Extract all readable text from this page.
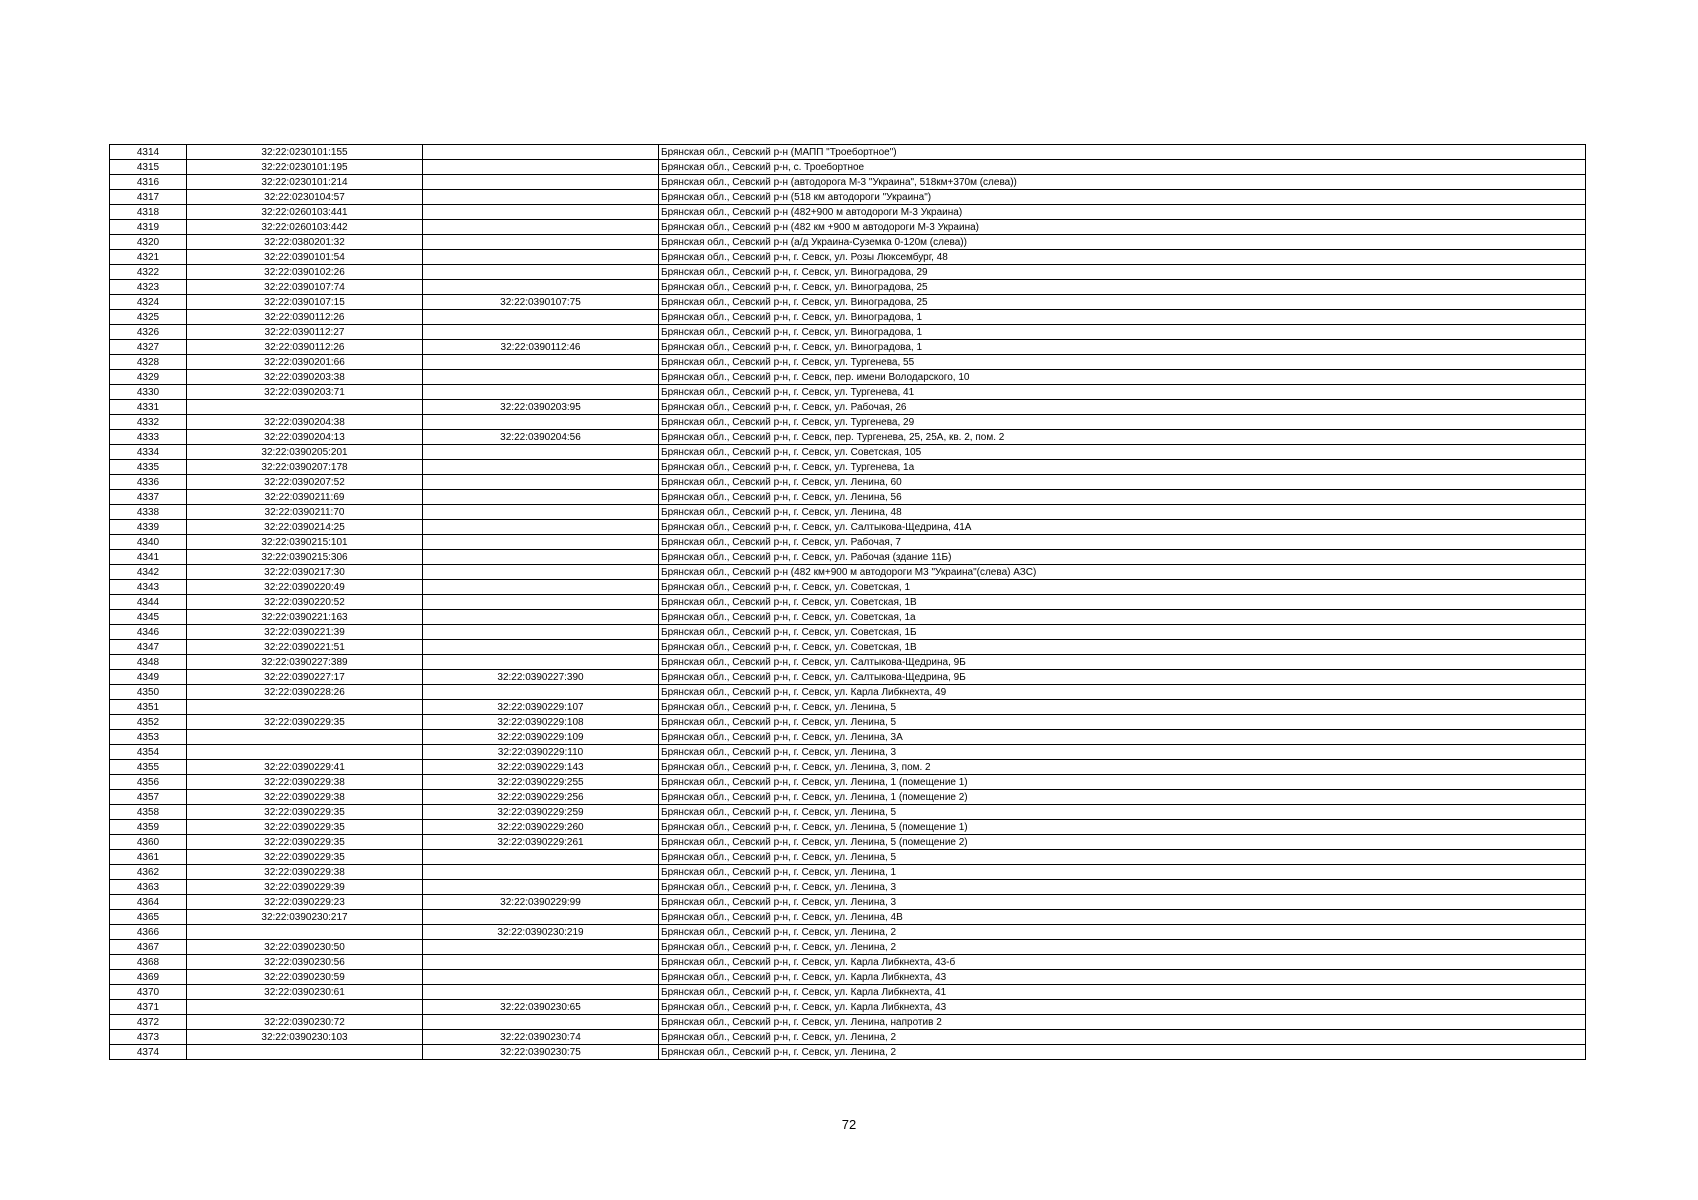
4314	32:22:0230101:155		Брянская обл., Севский р-н (МАПП "Троебортное")
4315	32:22:0230101:195		Брянская обл., Севский р-н, с. Троебортное
4316	32:22:0230101:214		Брянская обл., Севский р-н (автодорога М-3 "Украина", 518км+370м (слева))
4317	32:22:0230104:57		Брянская обл., Севский р-н (518 км автодороги "Украина")
4318	32:22:0260103:441		Брянская обл., Севский р-н (482+900 м автодороги М-3 Украина)
4319	32:22:0260103:442		Брянская обл., Севский р-н (482 км +900 м автодороги М-3 Украина)
4320	32:22:0380201:32		Брянская обл., Севский р-н (а/д Украина-Суземка 0-120м (слева))
4321	32:22:0390101:54		Брянская обл., Севский р-н, г. Севск, ул. Розы Люксембург, 48
4322	32:22:0390102:26		Брянская обл., Севский р-н, г. Севск, ул. Виноградова, 29
4323	32:22:0390107:74		Брянская обл., Севский р-н, г. Севск, ул. Виноградова, 25
4324	32:22:0390107:15	32:22:0390107:75	Брянская обл., Севский р-н, г. Севск, ул. Виноградова, 25
4325	32:22:0390112:26		Брянская обл., Севский р-н, г. Севск, ул. Виноградова, 1
4326	32:22:0390112:27		Брянская обл., Севский р-н, г. Севск, ул. Виноградова, 1
4327	32:22:0390112:26	32:22:0390112:46	Брянская обл., Севский р-н, г. Севск, ул. Виноградова, 1
4328	32:22:0390201:66		Брянская обл., Севский р-н, г. Севск, ул. Тургенева, 55
4329	32:22:0390203:38		Брянская обл., Севский р-н, г. Севск, пер. имени Володарского, 10
4330	32:22:0390203:71		Брянская обл., Севский р-н, г. Севск, ул. Тургенева, 41
4331		32:22:0390203:95	Брянская обл., Севский р-н, г. Севск, ул. Рабочая, 26
4332	32:22:0390204:38		Брянская обл., Севский р-н, г. Севск, ул. Тургенева, 29
4333	32:22:0390204:13	32:22:0390204:56	Брянская обл., Севский р-н, г. Севск, пер. Тургенева, 25, 25А, кв. 2, пом. 2
4334	32:22:0390205:201		Брянская обл., Севский р-н, г. Севск, ул. Советская, 105
4335	32:22:0390207:178		Брянская обл., Севский р-н, г. Севск, ул. Тургенева, 1а
4336	32:22:0390207:52		Брянская обл., Севский р-н, г. Севск, ул. Ленина, 60
4337	32:22:0390211:69		Брянская обл., Севский р-н, г. Севск, ул. Ленина, 56
4338	32:22:0390211:70		Брянская обл., Севский р-н, г. Севск, ул. Ленина, 48
4339	32:22:0390214:25		Брянская обл., Севский р-н, г. Севск, ул. Салтыкова-Щедрина, 41А
4340	32:22:0390215:101		Брянская обл., Севский р-н, г. Севск, ул. Рабочая, 7
4341	32:22:0390215:306		Брянская обл., Севский р-н, г. Севск, ул. Рабочая (здание 11Б)
4342	32:22:0390217:30		Брянская обл., Севский р-н (482 км+900 м автодороги М3 "Украина"(слева) АЗС)
4343	32:22:0390220:49		Брянская обл., Севский р-н, г. Севск, ул. Советская, 1
4344	32:22:0390220:52		Брянская обл., Севский р-н, г. Севск, ул. Советская, 1В
4345	32:22:0390221:163		Брянская обл., Севский р-н, г. Севск, ул. Советская, 1а
4346	32:22:0390221:39		Брянская обл., Севский р-н, г. Севск, ул. Советская, 1Б
4347	32:22:0390221:51		Брянская обл., Севский р-н, г. Севск, ул. Советская, 1В
4348	32:22:0390227:389		Брянская обл., Севский р-н, г. Севск, ул. Салтыкова-Щедрина, 9Б
4349	32:22:0390227:17	32:22:0390227:390	Брянская обл., Севский р-н, г. Севск, ул. Салтыкова-Щедрина, 9Б
4350	32:22:0390228:26		Брянская обл., Севский р-н, г. Севск, ул. Карла Либкнехта, 49
4351		32:22:0390229:107	Брянская обл., Севский р-н, г. Севск, ул. Ленина, 5
4352	32:22:0390229:35	32:22:0390229:108	Брянская обл., Севский р-н, г. Севск, ул. Ленина, 5
4353		32:22:0390229:109	Брянская обл., Севский р-н, г. Севск, ул. Ленина, 3А
4354		32:22:0390229:110	Брянская обл., Севский р-н, г. Севск, ул. Ленина, 3
4355	32:22:0390229:41	32:22:0390229:143	Брянская обл., Севский р-н, г. Севск, ул. Ленина, 3, пом. 2
4356	32:22:0390229:38	32:22:0390229:255	Брянская обл., Севский р-н, г. Севск, ул. Ленина, 1 (помещение 1)
4357	32:22:0390229:38	32:22:0390229:256	Брянская обл., Севский р-н, г. Севск, ул. Ленина, 1 (помещение 2)
4358	32:22:0390229:35	32:22:0390229:259	Брянская обл., Севский р-н, г. Севск, ул. Ленина, 5
4359	32:22:0390229:35	32:22:0390229:260	Брянская обл., Севский р-н, г. Севск, ул. Ленина, 5 (помещение 1)
4360	32:22:0390229:35	32:22:0390229:261	Брянская обл., Севский р-н, г. Севск, ул. Ленина, 5 (помещение 2)
4361	32:22:0390229:35		Брянская обл., Севский р-н, г. Севск, ул. Ленина, 5
4362	32:22:0390229:38		Брянская обл., Севский р-н, г. Севск, ул. Ленина, 1
4363	32:22:0390229:39		Брянская обл., Севский р-н, г. Севск, ул. Ленина, 3
4364	32:22:0390229:23	32:22:0390229:99	Брянская обл., Севский р-н, г. Севск, ул. Ленина, 3
4365	32:22:0390230:217		Брянская обл., Севский р-н, г. Севск, ул. Ленина, 4В
4366		32:22:0390230:219	Брянская обл., Севский р-н, г. Севск, ул. Ленина, 2
4367	32:22:0390230:50		Брянская обл., Севский р-н, г. Севск, ул. Ленина, 2
4368	32:22:0390230:56		Брянская обл., Севский р-н, г. Севск, ул. Карла Либкнехта, 43-б
4369	32:22:0390230:59		Брянская обл., Севский р-н, г. Севск, ул. Карла Либкнехта, 43
4370	32:22:0390230:61		Брянская обл., Севский р-н, г. Севск, ул. Карла Либкнехта, 41
4371		32:22:0390230:65	Брянская обл., Севский р-н, г. Севск, ул. Карла Либкнехта, 43
4372	32:22:0390230:72		Брянская обл., Севский р-н, г. Севск, ул. Ленина, напротив 2
4373	32:22:0390230:103	32:22:0390230:74	Брянская обл., Севский р-н, г. Севск, ул. Ленина, 2
4374		32:22:0390230:75	Брянская обл., Севский р-н, г. Севск, ул. Ленина, 2
72
